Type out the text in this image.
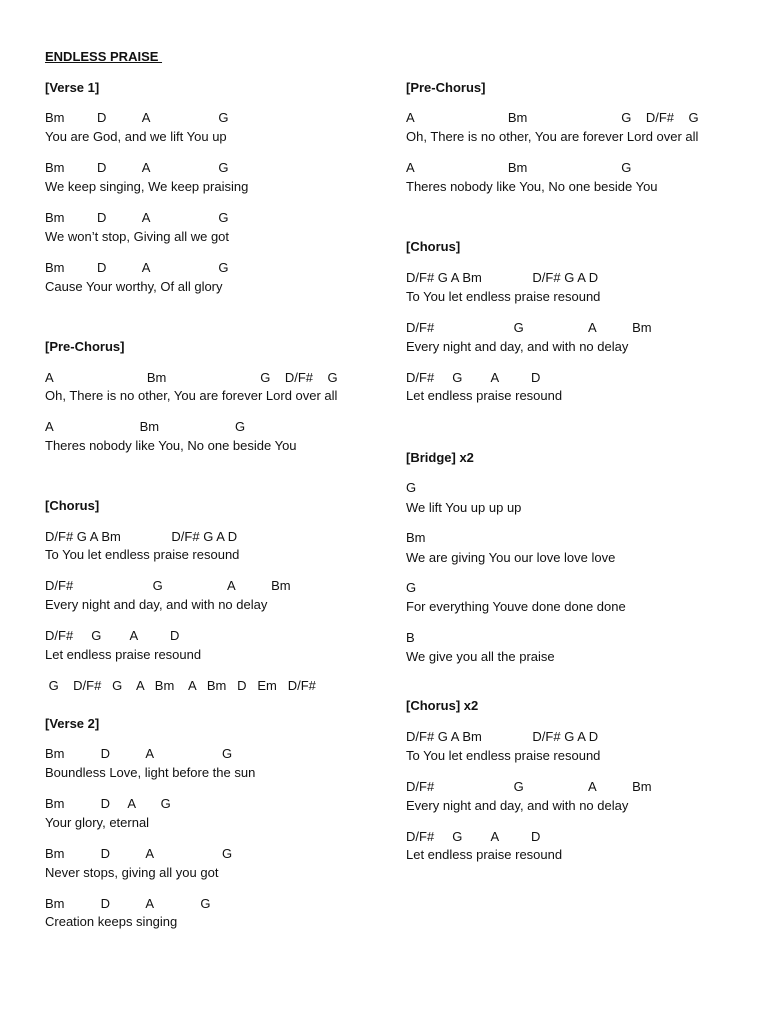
ENDLESS PRAISE
[Verse 1]
Bm         D          A                   G
You are God, and we lift You up
Bm         D          A                   G
We keep singing, We keep praising
Bm         D          A                   G
We won’t stop, Giving all we got
Bm         D          A                   G
Cause Your worthy, Of all glory
[Pre-Chorus]
A                          Bm                          G    D/F#    G
Oh, There is no other, You are forever Lord over all
A                        Bm                     G
Theres nobody like You, No one beside You
[Chorus]
D/F# G A Bm              D/F# G A D
To You let endless praise resound
D/F#                      G                  A          Bm
Every night and day, and with no delay
D/F#     G        A         D
Let endless praise resound
G    D/F#   G    A   Bm    A   Bm   D   Em   D/F#
[Verse 2]
Bm          D          A                   G
Boundless Love, light before the sun
Bm          D     A       G
Your glory, eternal
Bm          D          A                   G
Never stops, giving all you got
Bm          D          A             G
Creation keeps singing
[Pre-Chorus]
A                          Bm                          G    D/F#    G
Oh, There is no other, You are forever Lord over all
A                          Bm                          G
Theres nobody like You, No one beside You
[Chorus]
D/F# G A Bm              D/F# G A D
To You let endless praise resound
D/F#                      G                  A          Bm
Every night and day, and with no delay
D/F#     G        A         D
Let endless praise resound
[Bridge] x2
G
We lift You up up up
Bm
We are giving You our love love love
G
For everything Youve done done done
B
We give you all the praise
[Chorus] x2
D/F# G A Bm              D/F# G A D
To You let endless praise resound
D/F#                      G                  A          Bm
Every night and day, and with no delay
D/F#     G        A         D
Let endless praise resound
